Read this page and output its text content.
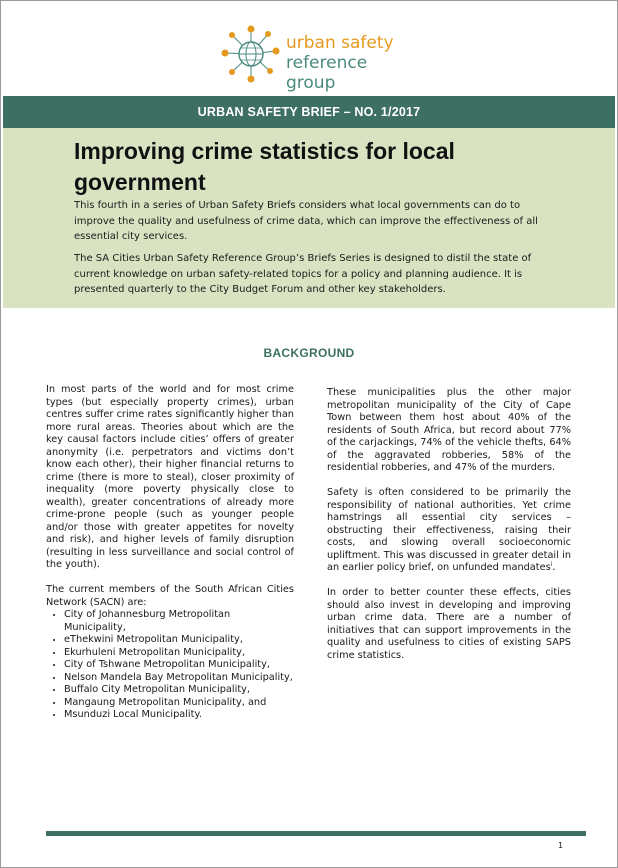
urban safety
reference group
URBAN SAFETY BRIEF – NO. 1/2017
Improving crime statistics for local government
This fourth in a series of Urban Safety Briefs considers what local governments can do to improve the quality and usefulness of crime data, which can improve the effectiveness of all essential city services.
The SA Cities Urban Safety Reference Group’s Briefs Series is designed to distil the state of current knowledge on urban safety-related topics for a policy and planning audience. It is presented quarterly to the City Budget Forum and other key stakeholders.
BACKGROUND

In most parts of the world and for most crime types (but especially property crimes), urban centres suffer crime rates significantly higher than more rural areas. Theories about which are the key causal factors include cities’ offers of greater anonymity (i.e. perpetrators and victims don’t know each other), their higher financial returns to crime (there is more to steal), closer proximity of inequality (more poverty physically close to wealth), greater concentrations of already more crime-prone people (such as younger people and/or those with greater appetites for novelty and risk), and higher levels of family disruption (resulting in less surveillance and social control of the youth).

The current members of the South African Cities Network (SACN) are:

• City of Johannesburg Metropolitan Municipality,
• eThekwini Metropolitan Municipality,
• Ekurhuleni Metropolitan Municipality,
• City of Tshwane Metropolitan Municipality,
• Nelson Mandela Bay Metropolitan Municipality,
• Buffalo City Metropolitan Municipality,
• Mangaung Metropolitan Municipality, and
• Msunduzi Local Municipality.

These municipalities plus the other major metropolitan municipality of the City of Cape Town between them host about 40% of the residents of South Africa, but record about 77% of the carjackings, 74% of the vehicle thefts, 64% of the aggravated robberies, 58% of the residential robberies, and 47% of the murders.

Safety is often considered to be primarily the responsibility of national authorities. Yet crime hamstrings all essential city services – obstructing their effectiveness, raising their costs, and slowing overall socioeconomic upliftment. This was discussed in greater detail in an earlier policy brief, on unfunded mandates$^i$.

In order to better counter these effects, cities should also invest in developing and improving urban crime data. There are a number of initiatives that can support improvements in the quality and usefulness to cities of existing SAPS crime statistics.

1
